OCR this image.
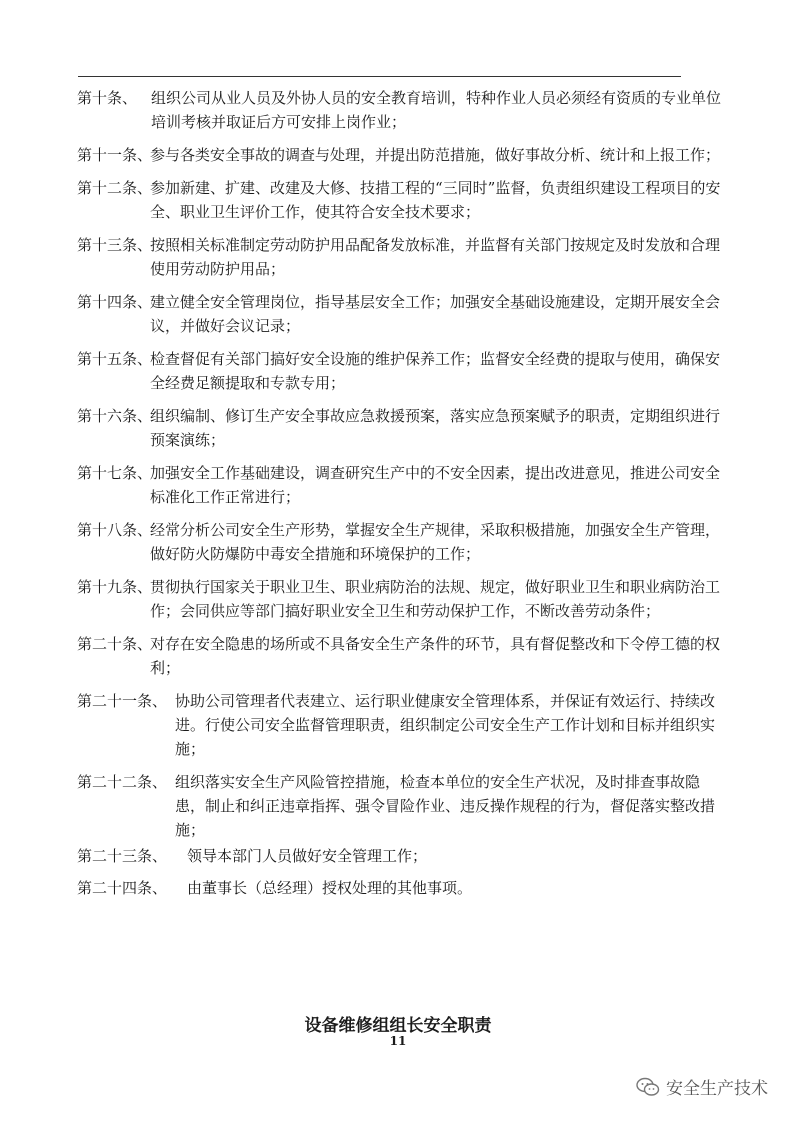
第十条、 组织公司从业人员及外协人员的安全教育培训，特种作业人员必须经有资质的专业单位培训考核并取证后方可安排上岗作业；
第十一条、
参与各类安全事故的调查与处理，并提出防范措施，做好事故分析、统计和上报工作；
第十二条、
参加新建、扩建、改建及大修、技措工程的“三同时”监督，负责组织建设工程项目的安全、职业卫生评价工作，使其符合安全技术要求；
第十三条、
按照相关标准制定劳动防护用品配备发放标准，并监督有关部门按规定及时发放和合理使用劳动防护用品；
第十四条、
建立健全安全管理岗位，指导基层安全工作；加强安全基础设施建设，定期开展安全会议，并做好会议记录；
第十五条、
检查督促有关部门搞好安全设施的维护保养工作；监督安全经费的提取与使用，确保安全经费足额提取和专款专用；
第十六条、
组织编制、修订生产安全事故应急救援预案，落实应急预案赋予的职责，定期组织进行预案演练；
第十七条、
加强安全工作基础建设，调查研究生产中的不安全因素，提出改进意见，推进公司安全标准化工作正常进行；
第十八条、
经常分析公司安全生产形势，掌握安全生产规律，采取积极措施，加强安全生产管理，做好防火防爆防中毒安全措施和环境保护的工作；
第十九条、
贯彻执行国家关于职业卫生、职业病防治的法规、规定，做好职业卫生和职业病防治工作；会同供应等部门搞好职业安全卫生和劳动保护工作，不断改善劳动条件；
第二十条、
对存在安全隐患的场所或不具备安全生产条件的环节，具有督促整改和下令停工德的权利；
第二十一条、 协助公司管理者代表建立、运行职业健康安全管理体系，并保证有效运行、持续改进。行使公司安全监督管理职责，组织制定公司安全生产工作计划和目标并组织实施；
第二十二条、 组织落实安全生产风险管控措施，检查本单位的安全生产状况，及时排查事故隐患，制止和纠正违章指挥、强令冒险作业、违反操作规程的行为，督促落实整改措施；
第二十三条、	领导本部门人员做好安全管理工作；
第二十四条、	由董事长（总经理）授权处理的其他事项。
设备维修组组长安全职责
11
安全生产技术
